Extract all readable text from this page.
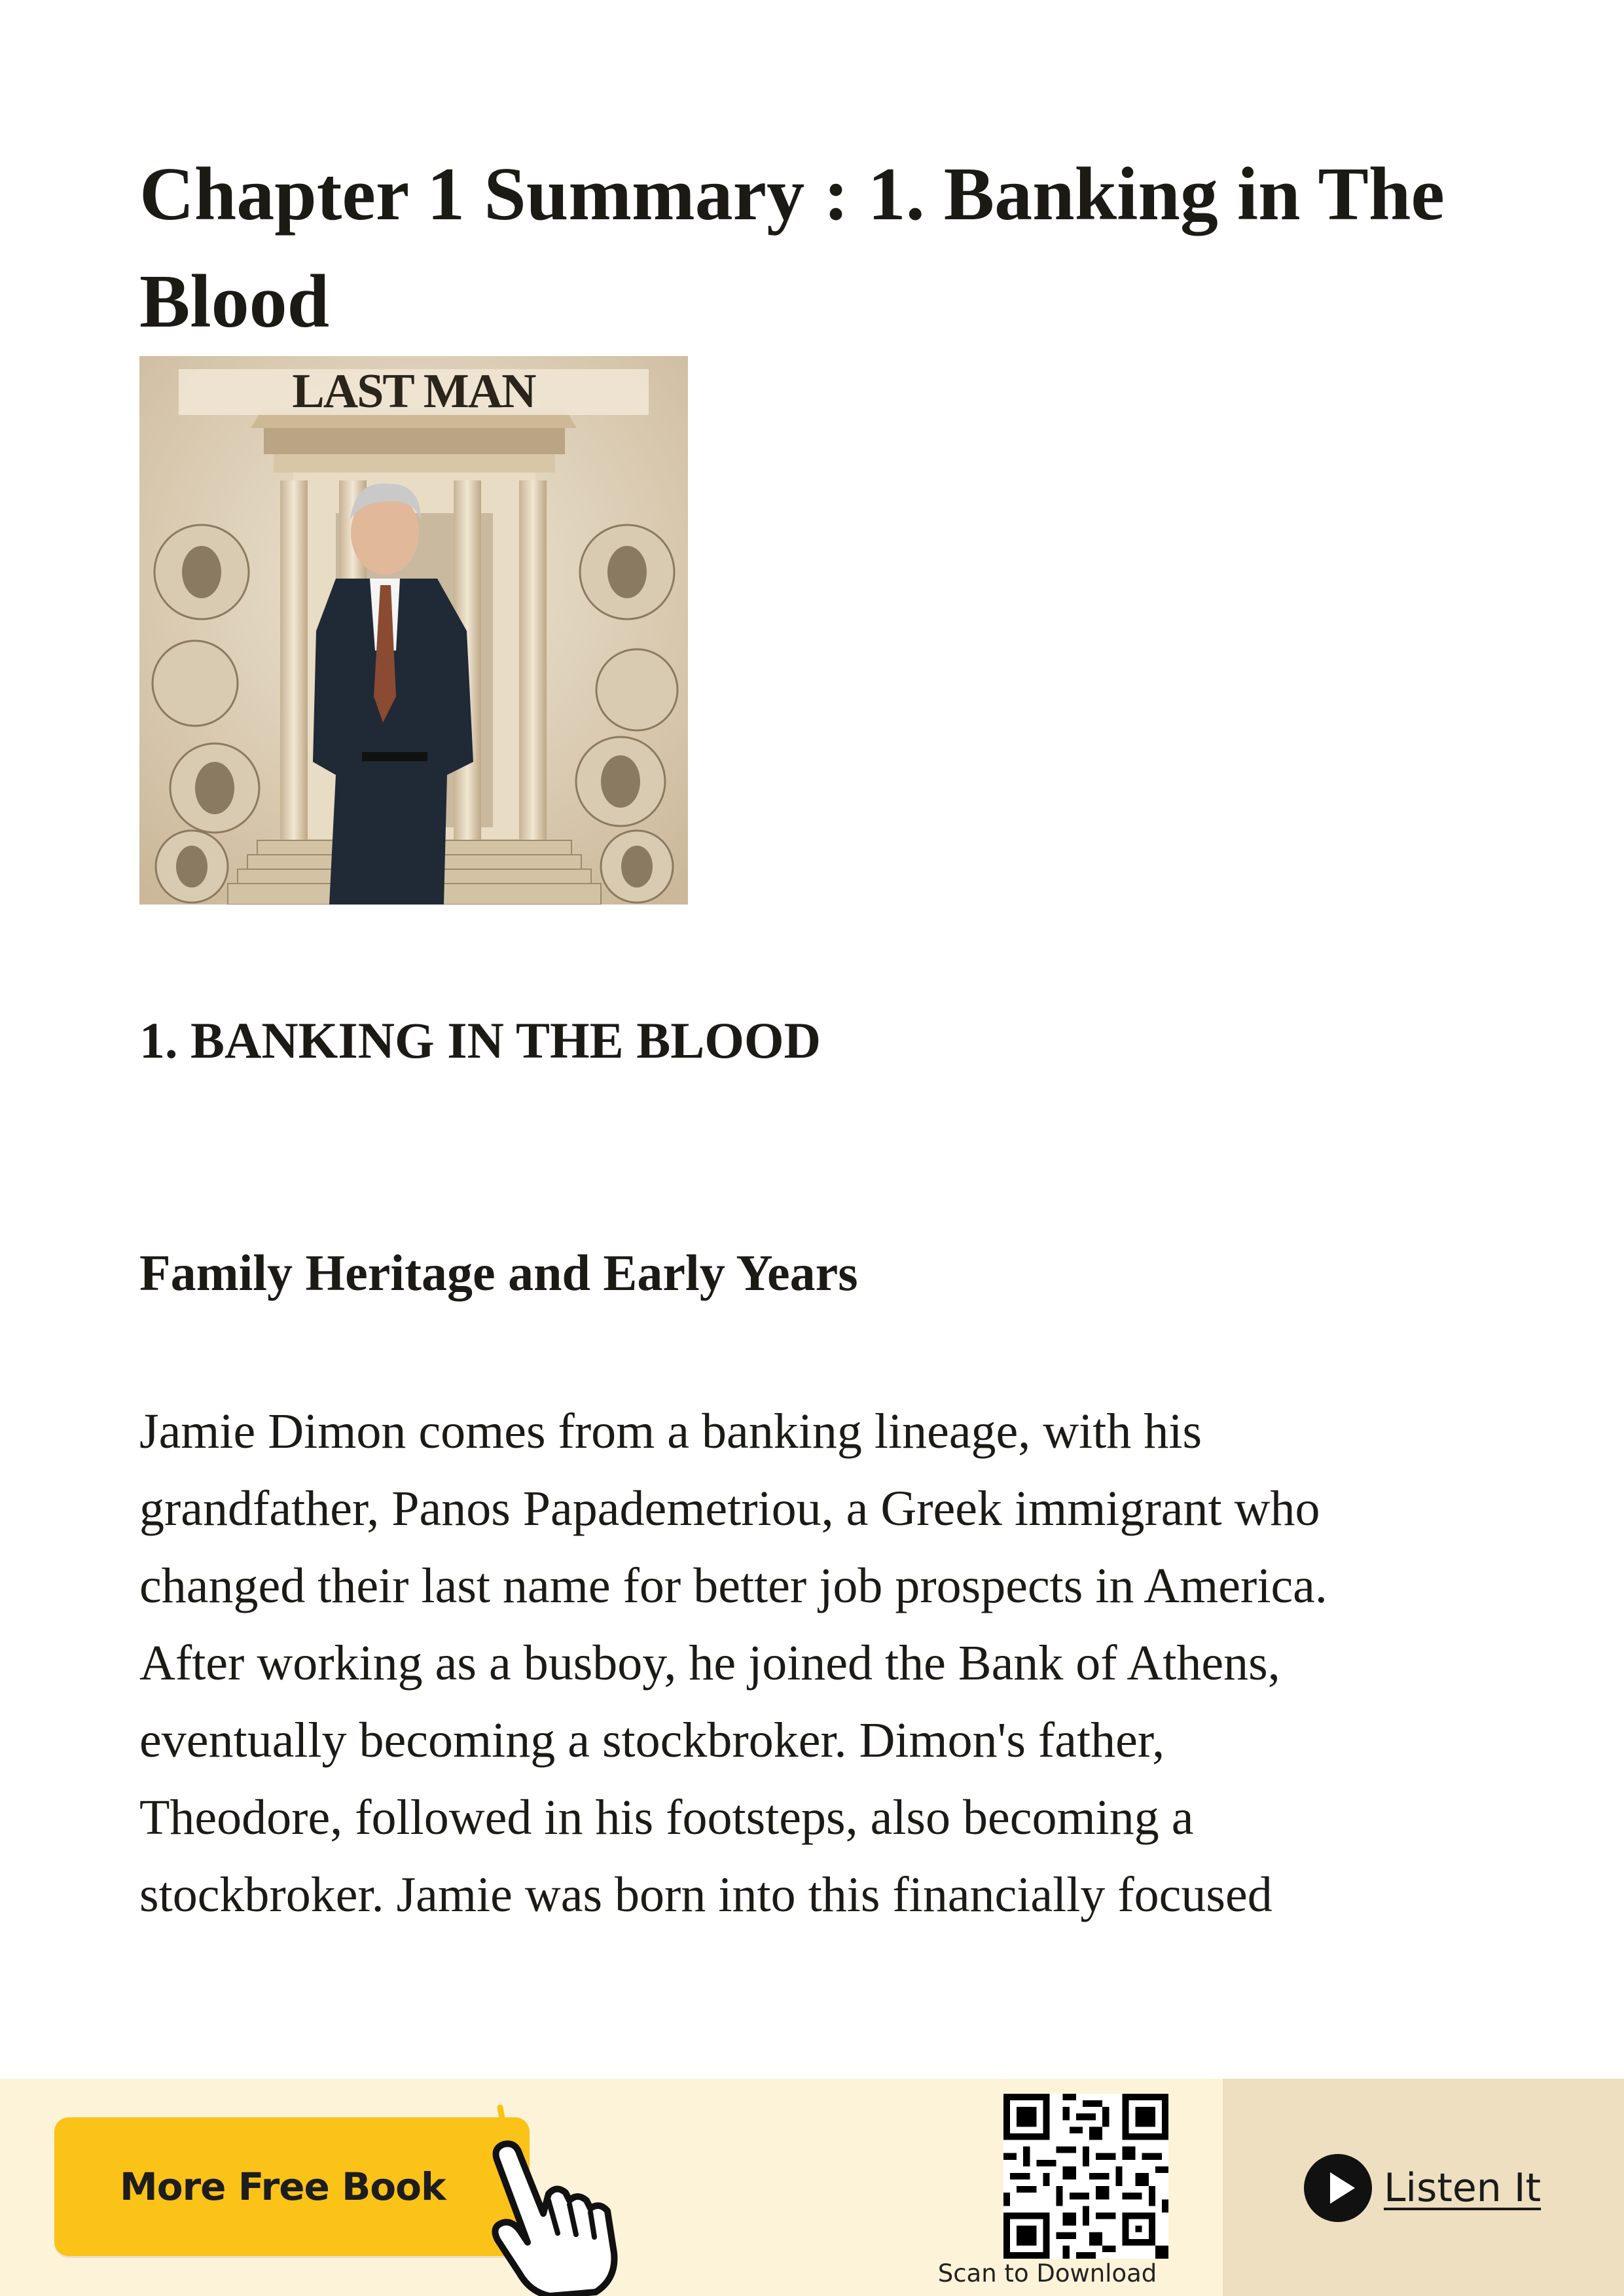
Chapter 1 Summary : 1. Banking in The Blood
LAST MAN
1. BANKING IN THE BLOOD
Family Heritage and Early Years
Jamie Dimon comes from a banking lineage, with his
grandfather, Panos Papademetriou, a Greek immigrant who
changed their last name for better job prospects in America.
After working as a busboy, he joined the Bank of Athens,
eventually becoming a stockbroker. Dimon's father,
Theodore, followed in his footsteps, also becoming a
stockbroker. Jamie was born into this financially focused
More Free Book
Scan to Download
Listen It
